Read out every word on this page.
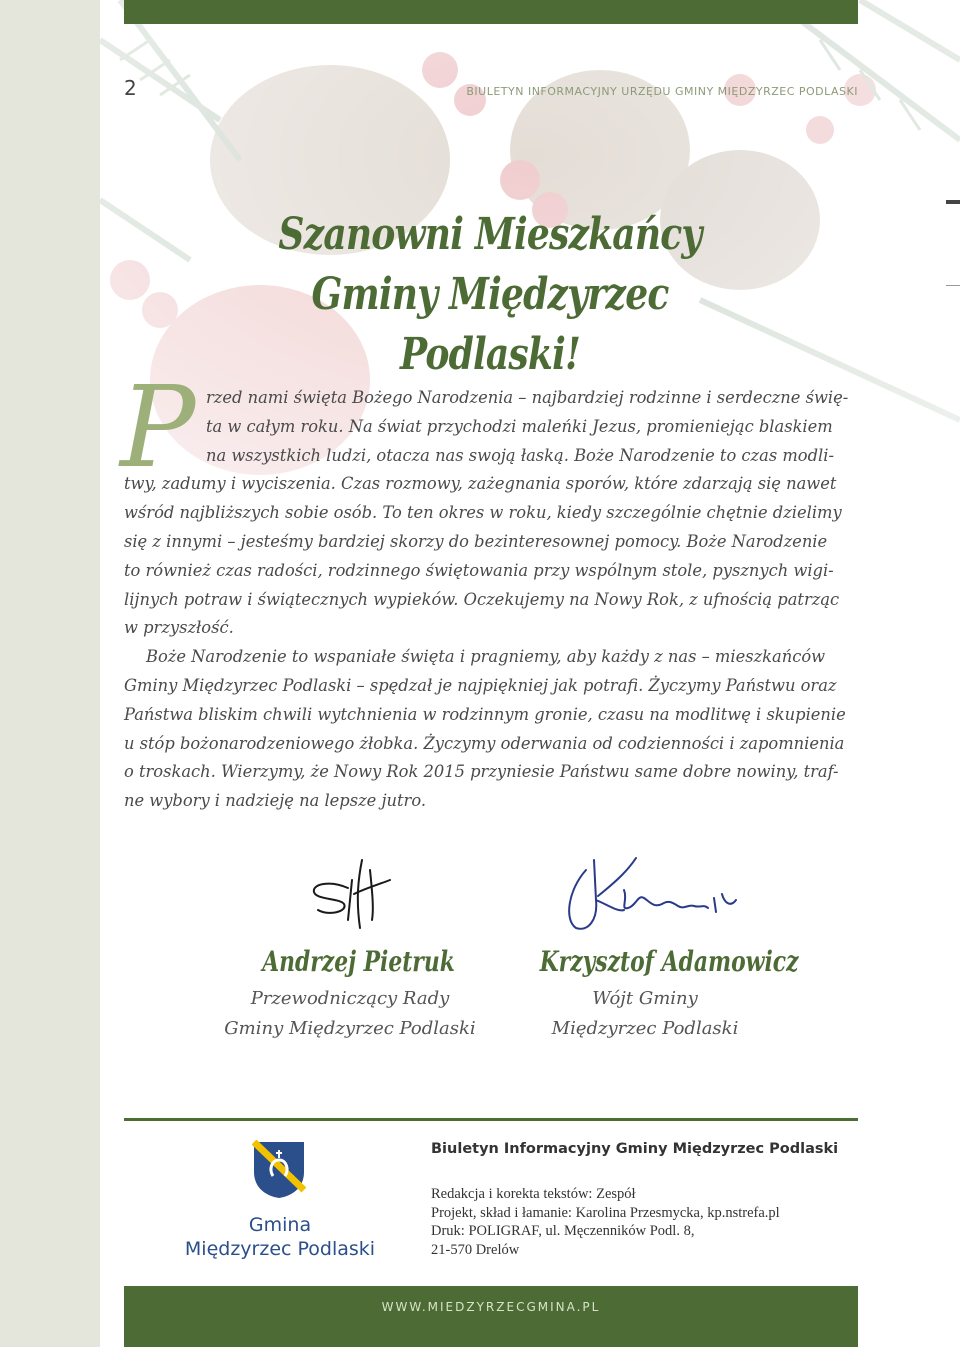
2	BIULETYN INFORMACYJNY URZĘDU GMINY MIĘDZYRZEC PODLASKI
Szanowni Mieszkańcy
Gminy Międzyrzec Podlaski!
P rzed nami święta Bożego Narodzenia – najbardziej rodzinne i serdeczne świę-
ta w całym roku. Na świat przychodzi maleńki Jezus, promieniejąc blaskiem
na wszystkich ludzi, otacza nas swoją łaską. Boże Narodzenie to czas modli-
twy, zadumy i wyciszenia. Czas rozmowy, zażegnania sporów, które zdarzają się nawet
wśród najbliższych sobie osób. To ten okres w roku, kiedy szczególnie chętnie dzielimy
się z innymi – jesteśmy bardziej skorzy do bezinteresownej pomocy. Boże Narodzenie
to również czas radości, rodzinnego świętowania przy wspólnym stole, pysznych wigi-
lijnych potraw i świątecznych wypieków. Oczekujemy na Nowy Rok, z ufnością patrząc
w przyszłość.
Boże Narodzenie to wspaniałe święta i pragniemy, aby każdy z nas – mieszkańców
Gminy Międzyrzec Podlaski – spędzał je najpiękniej jak potrafi. Życzymy Państwu oraz
Państwa bliskim chwili wytchnienia w rodzinnym gronie, czasu na modlitwę i skupienie
u stóp bożonarodzeniowego żłobka. Życzymy oderwania od codzienności i zapomnienia
o troskach. Wierzymy, że Nowy Rok 2015 przyniesie Państwu same dobre nowiny, traf-
ne wybory i nadzieję na lepsze jutro.
Andrzej Pietruk
Przewodniczący Rady
Gminy Międzyrzec Podlaski
Krzysztof Adamowicz
Wójt Gminy
Międzyrzec Podlaski
Gmina
Międzyrzec Podlaski
Biuletyn Informacyjny Gminy Międzyrzec Podlaski
Redakcja i korekta tekstów: Zespół
Projekt, skład i łamanie: Karolina Przesmycka, kp.nstrefa.pl
Druk: POLIGRAF, ul. Męczenników Podl. 8,
21-570 Drelów
WWW.MIEDZYRZECGMINA.PL
